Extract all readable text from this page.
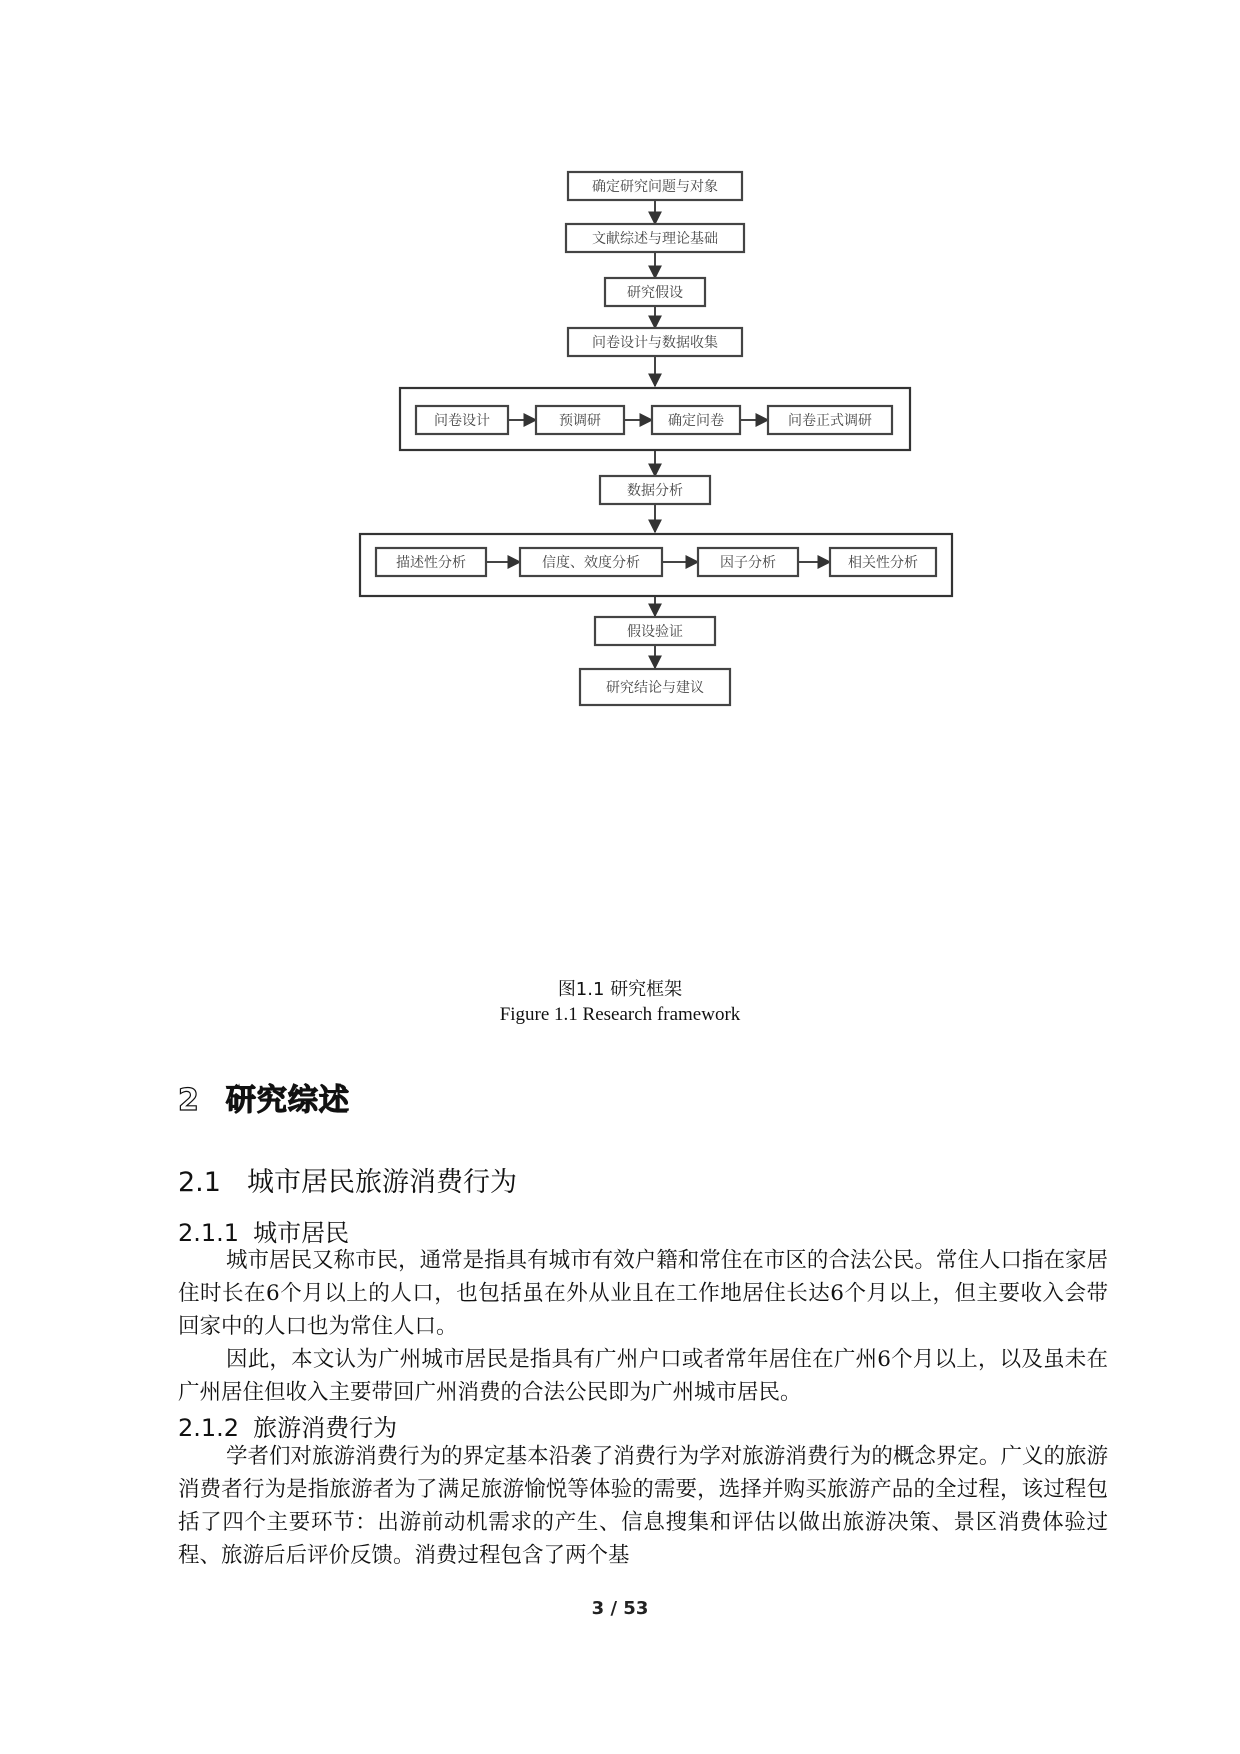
确定研究问题与对象
文献综述与理论基础
研究假设
问卷设计与数据收集
问卷设计	预调研	确定问卷	问卷正式调研
数据分析
描述性分析	信度、效度分析	因子分析	相关性分析
假设验证
研究结论与建议
图1.1 研究框架
Figure 1.1 Research framework
2 研究综述
2.1 城市居民旅游消费行为
2.1.1 城市居民

城市居民又称市民，通常是指具有城市有效户籍和常住在市区的合法公民。常住人口指在家居住时长在6个月以上的人口，也包括虽在外从业且在工作地居住长达6个月以上，但主要收入会带回家中的人口也为常住人口。

因此，本文认为广州城市居民是指具有广州户口或者常年居住在广州6个月以上，以及虽未在广州居住但收入主要带回广州消费的合法公民即为广州城市居民。

2.1.2 旅游消费行为

学者们对旅游消费行为的界定基本沿袭了消费行为学对旅游消费行为的概念界定。广义的旅游消费者行为是指旅游者为了满足旅游愉悦等体验的需要，选择并购买旅游产品的全过程，该过程包括了四个主要环节：出游前动机需求的产生、信息搜集和评估以做出旅游决策、景区消费体验过程、旅游后后评价反馈。消费过程包含了两个基

3 / 53
